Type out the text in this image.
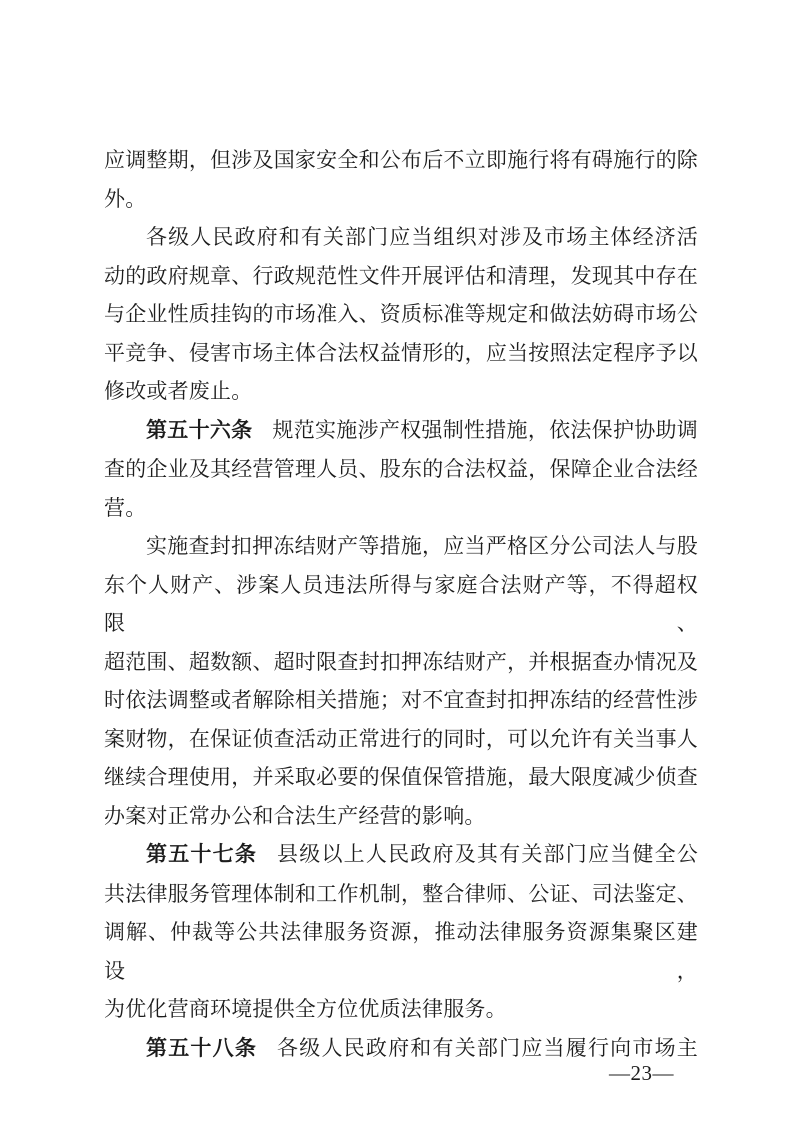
应调整期，但涉及国家安全和公布后不立即施行将有碍施行的除
外。
各级人民政府和有关部门应当组织对涉及市场主体经济活
动的政府规章、行政规范性文件开展评估和清理，发现其中存在
与企业性质挂钩的市场准入、资质标准等规定和做法妨碍市场公
平竞争、侵害市场主体合法权益情形的，应当按照法定程序予以
修改或者废止。
第五十六条 规范实施涉产权强制性措施，依法保护协助调
查的企业及其经营管理人员、股东的合法权益，保障企业合法经
营。
实施查封扣押冻结财产等措施，应当严格区分公司法人与股
东个人财产、涉案人员违法所得与家庭合法财产等，不得超权限、
超范围、超数额、超时限查封扣押冻结财产，并根据查办情况及
时依法调整或者解除相关措施；对不宜查封扣押冻结的经营性涉
案财物，在保证侦查活动正常进行的同时，可以允许有关当事人
继续合理使用，并采取必要的保值保管措施，最大限度减少侦查
办案对正常办公和合法生产经营的影响。
第五十七条 县级以上人民政府及其有关部门应当健全公
共法律服务管理体制和工作机制，整合律师、公证、司法鉴定、
调解、仲裁等公共法律服务资源，推动法律服务资源集聚区建设，
为优化营商环境提供全方位优质法律服务。
第五十八条 各级人民政府和有关部门应当履行向市场主
—23—
